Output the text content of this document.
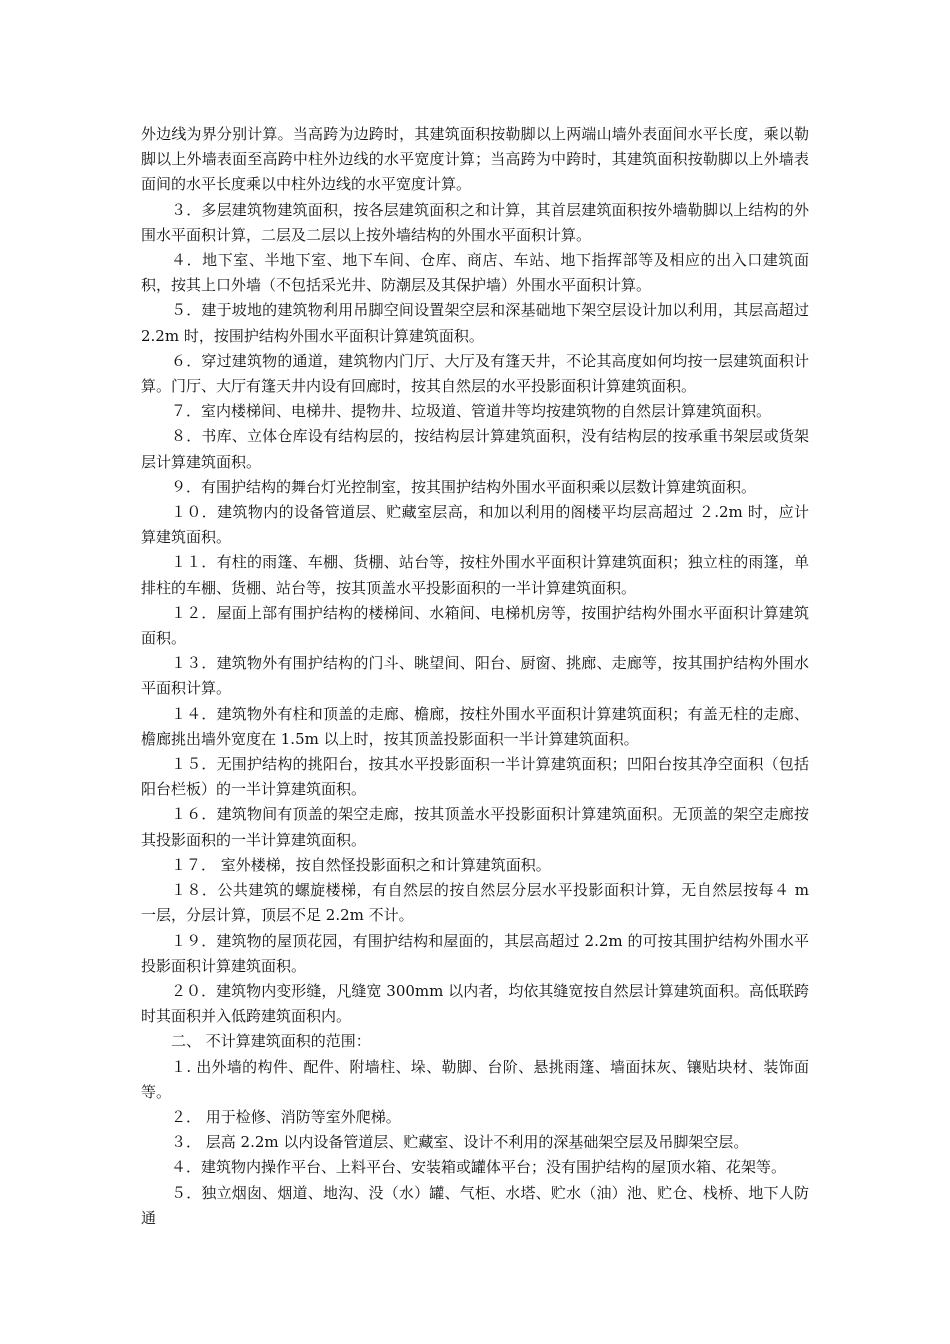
外边线为界分别计算。当高跨为边跨时，其建筑面积按勒脚以上两端山墙外表面间水平长度，乘以勒脚以上外墙表面至高跨中柱外边线的水平宽度计算；当高跨为中跨时，其建筑面积按勒脚以上外墙表面间的水平长度乘以中柱外边线的水平宽度计算。

３．多层建筑物建筑面积，按各层建筑面积之和计算，其首层建筑面积按外墙勒脚以上结构的外围水平面积计算，二层及二层以上按外墙结构的外围水平面积计算。

４．地下室、半地下室、地下车间、仓库、商店、车站、地下指挥部等及相应的出入口建筑面积，按其上口外墙（不包括采光井、防潮层及其保护墙）外围水平面积计算。

５．建于坡地的建筑物利用吊脚空间设置架空层和深基础地下架空层设计加以利用，其层高超过 2.2m 时，按围护结构外围水平面积计算建筑面积。

６．穿过建筑物的通道，建筑物内门厅、大厅及有篷天井，不论其高度如何均按一层建筑面积计算。门厅、大厅有篷天井内设有回廊时，按其自然层的水平投影面积计算建筑面积。

７．室内楼梯间、电梯井、提物井、垃圾道、管道井等均按建筑物的自然层计算建筑面积。

８．书库、立体仓库设有结构层的，按结构层计算建筑面积，没有结构层的按承重书架层或货架层计算建筑面积。

９．有围护结构的舞台灯光控制室，按其围护结构外围水平面积乘以层数计算建筑面积。

１０．建筑物内的设备管道层、贮藏室层高，和加以利用的阁楼平均层高超过 ２.2m 时，应计算建筑面积。

１１．有柱的雨篷、车棚、货棚、站台等，按柱外围水平面积计算建筑面积；独立柱的雨篷，单排柱的车棚、货棚、站台等，按其顶盖水平投影面积的一半计算建筑面积。

１２．屋面上部有围护结构的楼梯间、水箱间、电梯机房等，按围护结构外围水平面积计算建筑面积。

１３．建筑物外有围护结构的门斗、眺望间、阳台、厨窗、挑廊、走廊等，按其围护结构外围水平面积计算。

１４．建筑物外有柱和顶盖的走廊、檐廊，按柱外围水平面积计算建筑面积；有盖无柱的走廊、檐廊挑出墙外宽度在 1.5m 以上时，按其顶盖投影面积一半计算建筑面积。

１５．无围护结构的挑阳台，按其水平投影面积一半计算建筑面积；凹阳台按其净空面积（包括阳台栏板）的一半计算建筑面积。

１６．建筑物间有顶盖的架空走廊，按其顶盖水平投影面积计算建筑面积。无顶盖的架空走廊按其投影面积的一半计算建筑面积。

１７． 室外楼梯，按自然怪投影面积之和计算建筑面积。

１８．公共建筑的螺旋楼梯，有自然层的按自然层分层水平投影面积计算，无自然层按每４ m 一层，分层计算，顶层不足 2.2m 不计。

１９．建筑物的屋顶花园，有围护结构和屋面的，其层高超过 2.2m 的可按其围护结构外围水平投影面积计算建筑面积。

２０．建筑物内变形缝，凡缝宽 300mm 以内者，均依其缝宽按自然层计算建筑面积。高低联跨时其面积并入低跨建筑面积内。

二、 不计算建筑面积的范围：

１. 出外墙的构件、配件、附墙柱、垛、勒脚、台阶、悬挑雨篷、墙面抹灰、镶贴块材、装饰面等。

２． 用于检修、消防等室外爬梯。

３． 层高 2.2m 以内设备管道层、贮藏室、设计不利用的深基础架空层及吊脚架空层。

４．建筑物内操作平台、上料平台、安装箱或罐体平台；没有围护结构的屋顶水箱、花架等。

５．独立烟囱、烟道、地沟、没（水）罐、气柜、水塔、贮水（油）池、贮仓、栈桥、地下人防通
